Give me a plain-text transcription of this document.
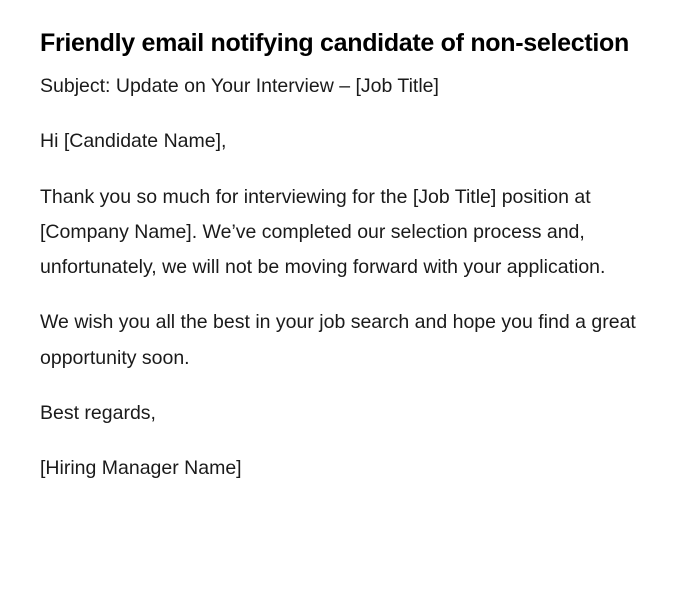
Friendly email notifying candidate of non-selection

Subject: Update on Your Interview – [Job Title]

Hi [Candidate Name],

Thank you so much for interviewing for the [Job Title] position at [Company Name]. We’ve completed our selection process and, unfortunately, we will not be moving forward with your application.

We wish you all the best in your job search and hope you find a great opportunity soon.

Best regards,

[Hiring Manager Name]
